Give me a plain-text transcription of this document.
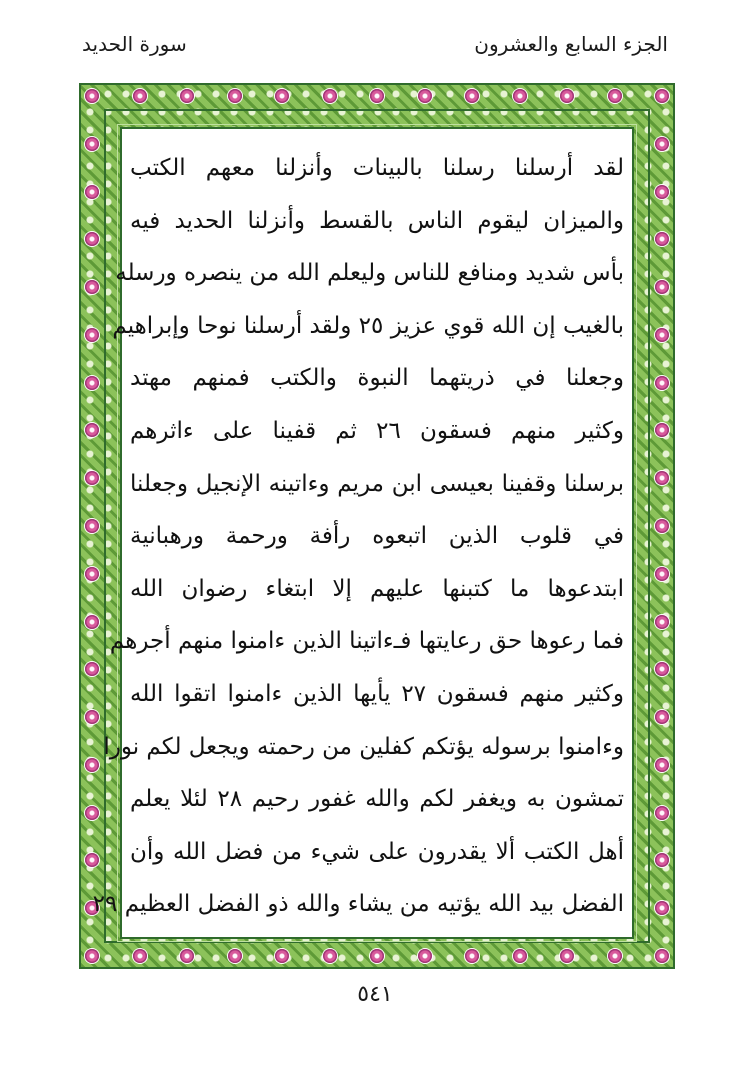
الجزء السابع والعشرون
سورة الحديد
لقد أرسلنا رسلنا بالبينات وأنزلنا معهم الكتب
والميزان ليقوم الناس بالقسط وأنزلنا الحديد فيه
بأس شديد ومنافع للناس وليعلم الله من ينصره ورسله
بالغيب إن الله قوي عزيز ٢٥ ولقد أرسلنا نوحا وإبراهيم
وجعلنا في ذريتهما النبوة والكتب فمنهم مهتد
وكثير منهم فسقون ٢٦ ثم قفينا على ءاثرهم
برسلنا وقفينا بعيسى ابن مريم وءاتينه الإنجيل وجعلنا
في قلوب الذين اتبعوه رأفة ورحمة ورهبانية
ابتدعوها ما كتبنها عليهم إلا ابتغاء رضوان الله
فما رعوها حق رعايتها فـءاتينا الذين ءامنوا منهم أجرهم
وكثير منهم فسقون ٢٧ يأيها الذين ءامنوا اتقوا الله
وءامنوا برسوله يؤتكم كفلين من رحمته ويجعل لكم نورا
تمشون به ويغفر لكم والله غفور رحيم ٢٨ لئلا يعلم
أهل الكتب ألا يقدرون على شيء من فضل الله وأن
الفضل بيد الله يؤتيه من يشاء والله ذو الفضل العظيم ٢٩
٥٤١
